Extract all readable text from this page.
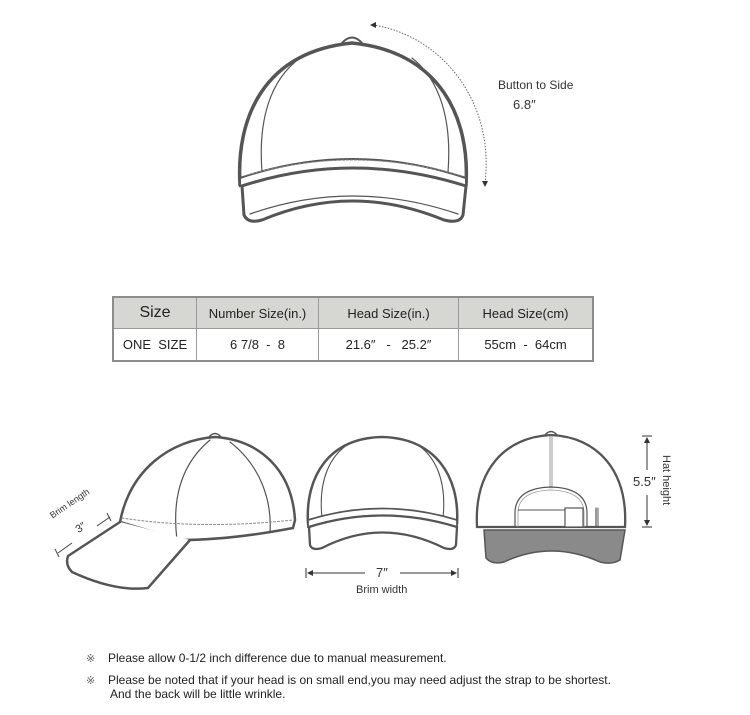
Button to Side
6.8″
Size	Number Size(in.)	Head Size(in.)	Head Size(cm)
ONE  SIZE	6 7/8  -  8	21.6″   -   25.2″	55cm  -  64cm
Brim length
3″
7″
Brim width
5.5″ Hat height
※ Please allow 0-1/2 inch difference due to manual measurement.
※ Please be noted that if your head is on small end,you may need adjust the strap to be shortest.
And the back will be little wrinkle.
